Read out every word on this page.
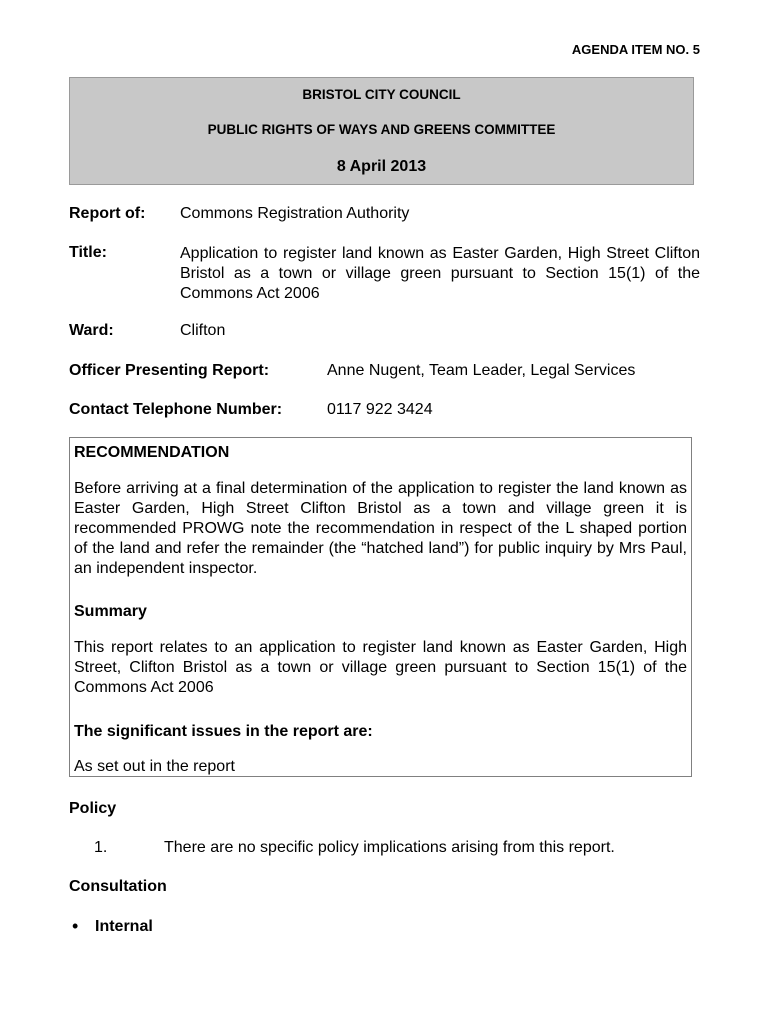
AGENDA ITEM NO. 5
BRISTOL CITY COUNCIL
PUBLIC RIGHTS OF WAYS AND GREENS COMMITTEE
8 April 2013
Report of: Commons Registration Authority
Title:	Application to register land known as Easter Garden, High Street Clifton Bristol as a town or village green pursuant to Section 15(1) of the Commons Act 2006
Ward:	Clifton
Officer Presenting Report:	Anne Nugent, Team Leader, Legal Services
Contact Telephone Number:	0117 922 3424
RECOMMENDATION
Before arriving at a final determination of the application to register the land known as Easter Garden, High Street Clifton Bristol as a town and village green it is recommended PROWG note the recommendation in respect of the L shaped portion of the land and refer the remainder (the “hatched land”) for public inquiry by Mrs Paul, an independent inspector.
Summary
This report relates to an application to register land known as Easter Garden, High Street, Clifton Bristol as a town or village green pursuant to Section 15(1) of the Commons Act 2006
The significant issues in the report are:
As set out in the report
Policy
1.	There are no specific policy implications arising from this report.
Consultation
• Internal
